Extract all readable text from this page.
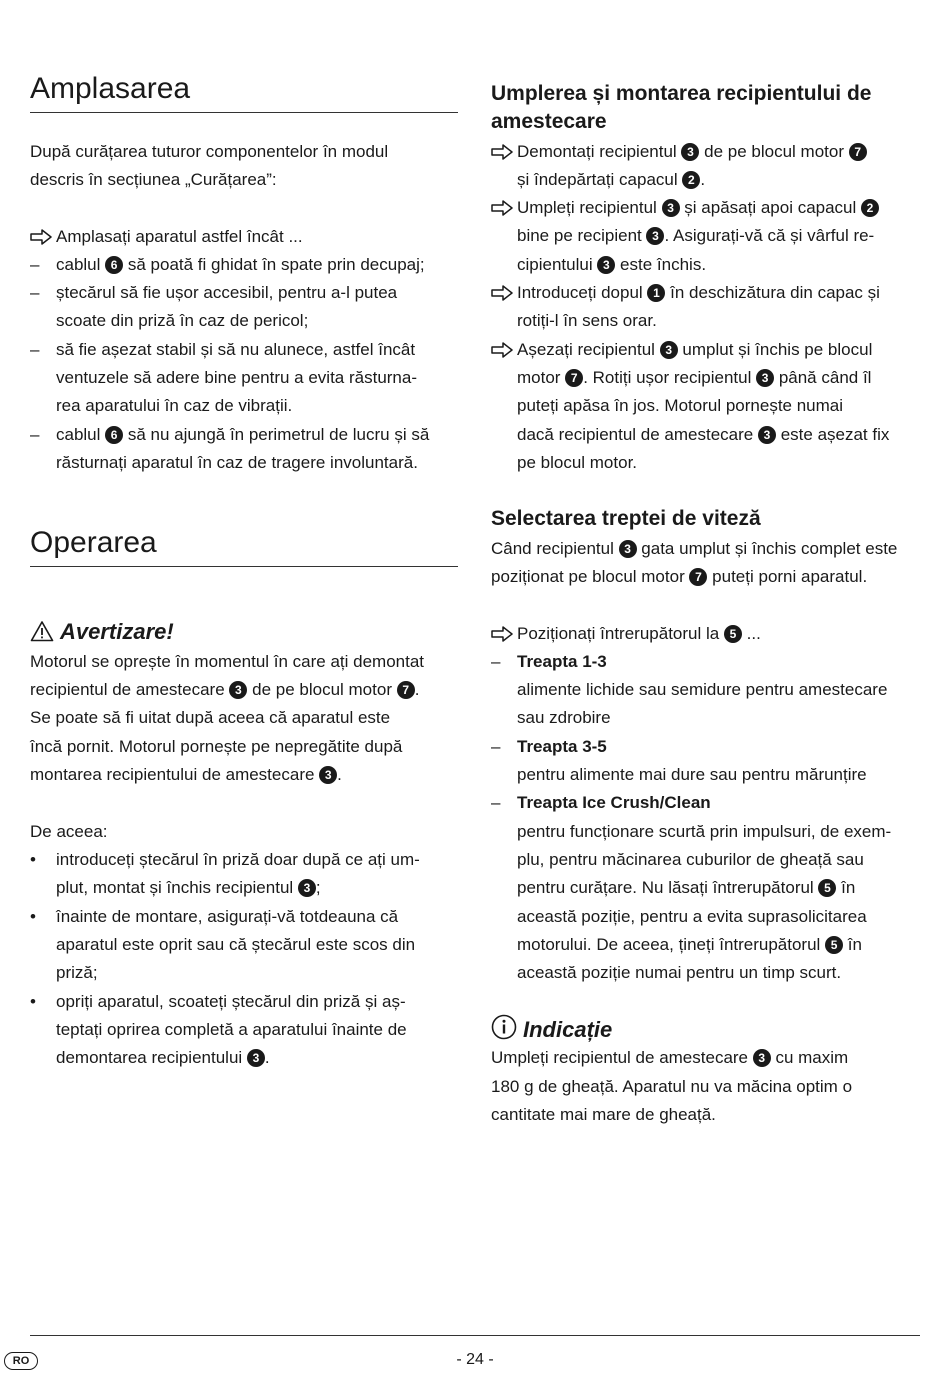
Amplasarea
După curățarea tuturor componentelor în modul
descris în secțiunea „Curățarea”:
Amplasați aparatul astfel încât ...
– cablul 6 să poată fi ghidat în spate prin decupaj;
– ștecărul să fie ușor accesibil, pentru a-l putea
scoate din priză în caz de pericol;
– să fie așezat stabil și să nu alunece, astfel încât
ventuzele să adere bine pentru a evita răsturna-
rea aparatului în caz de vibrații.
– cablul 6 să nu ajungă în perimetrul de lucru și să
răsturnați aparatul în caz de tragere involuntară.
Operarea
Avertizare!
Motorul se oprește în momentul în care ați demontat
recipientul de amestecare 3 de pe blocul motor 7 .
Se poate să fi uitat după aceea că aparatul este
încă pornit. Motorul pornește pe nepregătite după
montarea recipientului de amestecare 3 .
De aceea:
• introduceți ștecărul în priză doar după ce ați um-
plut, montat și închis recipientul 3 ;
• înainte de montare, asigurați-vă totdeauna că
aparatul este oprit sau că ștecărul este scos din
priză;
• opriți aparatul, scoateți ștecărul din priză și aș-
teptați oprirea completă a aparatului înainte de
demontarea recipientului 3 .
Umplerea și montarea recipientului de
amestecare
Demontați recipientul 3 de pe blocul motor 7
și îndepărtați capacul 2 .
Umpleți recipientul 3 și apăsați apoi capacul 2
bine pe recipient 3 . Asigurați-vă că și vârful re-
cipientului 3 este închis.
Introduceți dopul 1 în deschizătura din capac și
rotiți-l în sens orar.
Așezați recipientul 3 umplut și închis pe blocul
motor 7 . Rotiți ușor recipientul 3 până când îl
puteți apăsa în jos. Motorul pornește numai
dacă recipientul de amestecare 3 este așezat fix
pe blocul motor.
Selectarea treptei de viteză
Când recipientul 3 gata umplut și închis complet este
poziționat pe blocul motor 7 puteți porni aparatul.
Poziționați întrerupătorul la 5 ...
– Treapta 1-3
alimente lichide sau semidure pentru amestecare
sau zdrobire
– Treapta 3-5
pentru alimente mai dure sau pentru mărunțire
– Treapta Ice Crush/Clean
pentru funcționare scurtă prin impulsuri, de exem-
plu, pentru măcinarea cuburilor de gheață sau
pentru curățare. Nu lăsați întrerupătorul 5 în
această poziție, pentru a evita suprasolicitarea
motorului. De aceea, țineți întrerupătorul 5 în
această poziție numai pentru un timp scurt.
Indicație
Umpleți recipientul de amestecare 3 cu maxim
180 g de gheață. Aparatul nu va măcina optim o
cantitate mai mare de gheață.
RO	- 24 -
